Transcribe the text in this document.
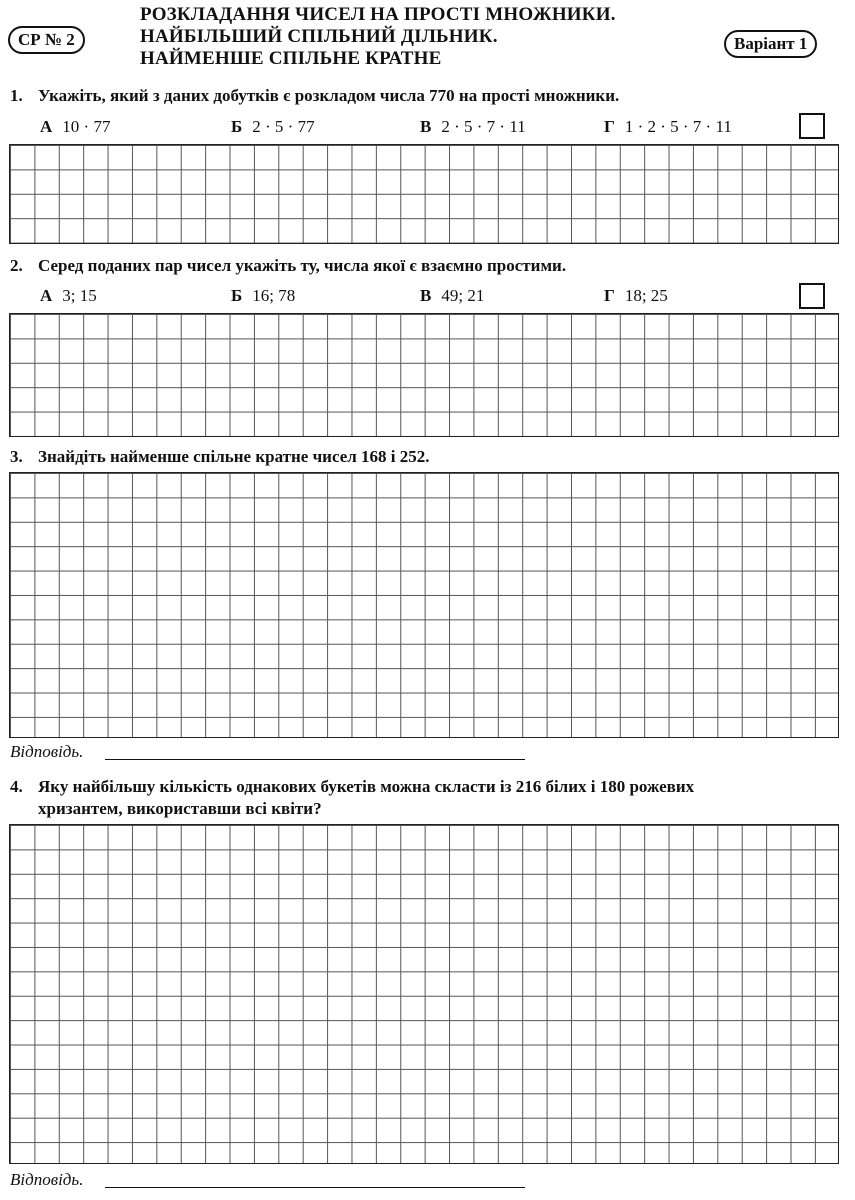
СР № 2
РОЗКЛАДАННЯ ЧИСЕЛ НА ПРОСТІ МНОЖНИКИ.
НАЙБІЛЬШИЙ СПІЛЬНИЙ ДІЛЬНИК.
НАЙМЕНШЕ СПІЛЬНЕ КРАТНЕ
Варіант 1
1. Укажіть, який з даних добутків є розкладом числа 770 на прості множники.
А 10 · 77	Б 2 · 5 · 77	В 2 · 5 · 7 · 11	Г 1 · 2 · 5 · 7 · 11
2. Серед поданих пар чисел укажіть ту, числа якої є взаємно простими.
А 3; 15	Б 16; 78	В 49; 21	Г 18; 25
3. Знайдіть найменше спільне кратне чисел 168 і 252.
Відповідь.
4. Яку найбільшу кількість однакових букетів можна скласти із 216 білих і 180 рожевих
хризантем, використавши всі квіти?
Відповідь.
